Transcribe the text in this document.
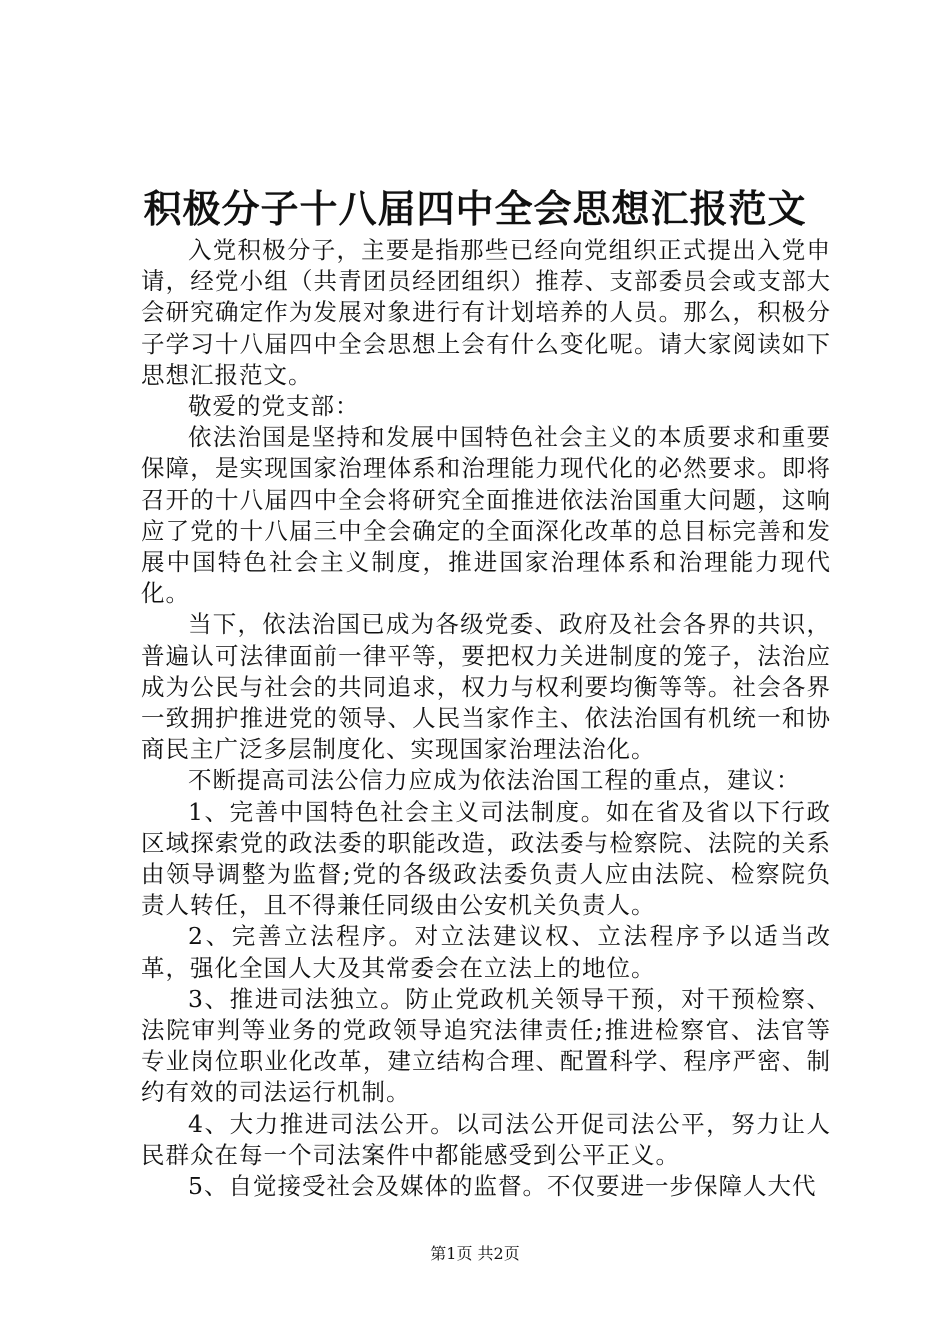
积极分子十八届四中全会思想汇报范文

入党积极分子，主要是指那些已经向党组织正式提出入党申请，经党小组（共青团员经团组织）推荐、支部委员会或支部大会研究确定作为发展对象进行有计划培养的人员。那么，积极分子学习十八届四中全会思想上会有什么变化呢。请大家阅读如下思想汇报范文。

敬爱的党支部：

依法治国是坚持和发展中国特色社会主义的本质要求和重要保障，是实现国家治理体系和治理能力现代化的必然要求。即将召开的十八届四中全会将研究全面推进依法治国重大问题，这响应了党的十八届三中全会确定的全面深化改革的总目标完善和发展中国特色社会主义制度，推进国家治理体系和治理能力现代化。

当下，依法治国已成为各级党委、政府及社会各界的共识，普遍认可法律面前一律平等，要把权力关进制度的笼子，法治应成为公民与社会的共同追求，权力与权利要均衡等等。社会各界一致拥护推进党的领导、人民当家作主、依法治国有机统一和协商民主广泛多层制度化、实现国家治理法治化。

不断提高司法公信力应成为依法治国工程的重点，建议：

1、完善中国特色社会主义司法制度。如在省及省以下行政区域探索党的政法委的职能改造，政法委与检察院、法院的关系由领导调整为监督;党的各级政法委负责人应由法院、检察院负责人转任，且不得兼任同级由公安机关负责人。

2、完善立法程序。对立法建议权、立法程序予以适当改革，强化全国人大及其常委会在立法上的地位。

3、推进司法独立。防止党政机关领导干预，对干预检察、法院审判等业务的党政领导追究法律责任;推进检察官、法官等专业岗位职业化改革，建立结构合理、配置科学、程序严密、制约有效的司法运行机制。

4、大力推进司法公开。以司法公开促司法公平，努力让人民群众在每一个司法案件中都能感受到公平正义。

5、自觉接受社会及媒体的监督。不仅要进一步保障人大代

第1页 共2页
